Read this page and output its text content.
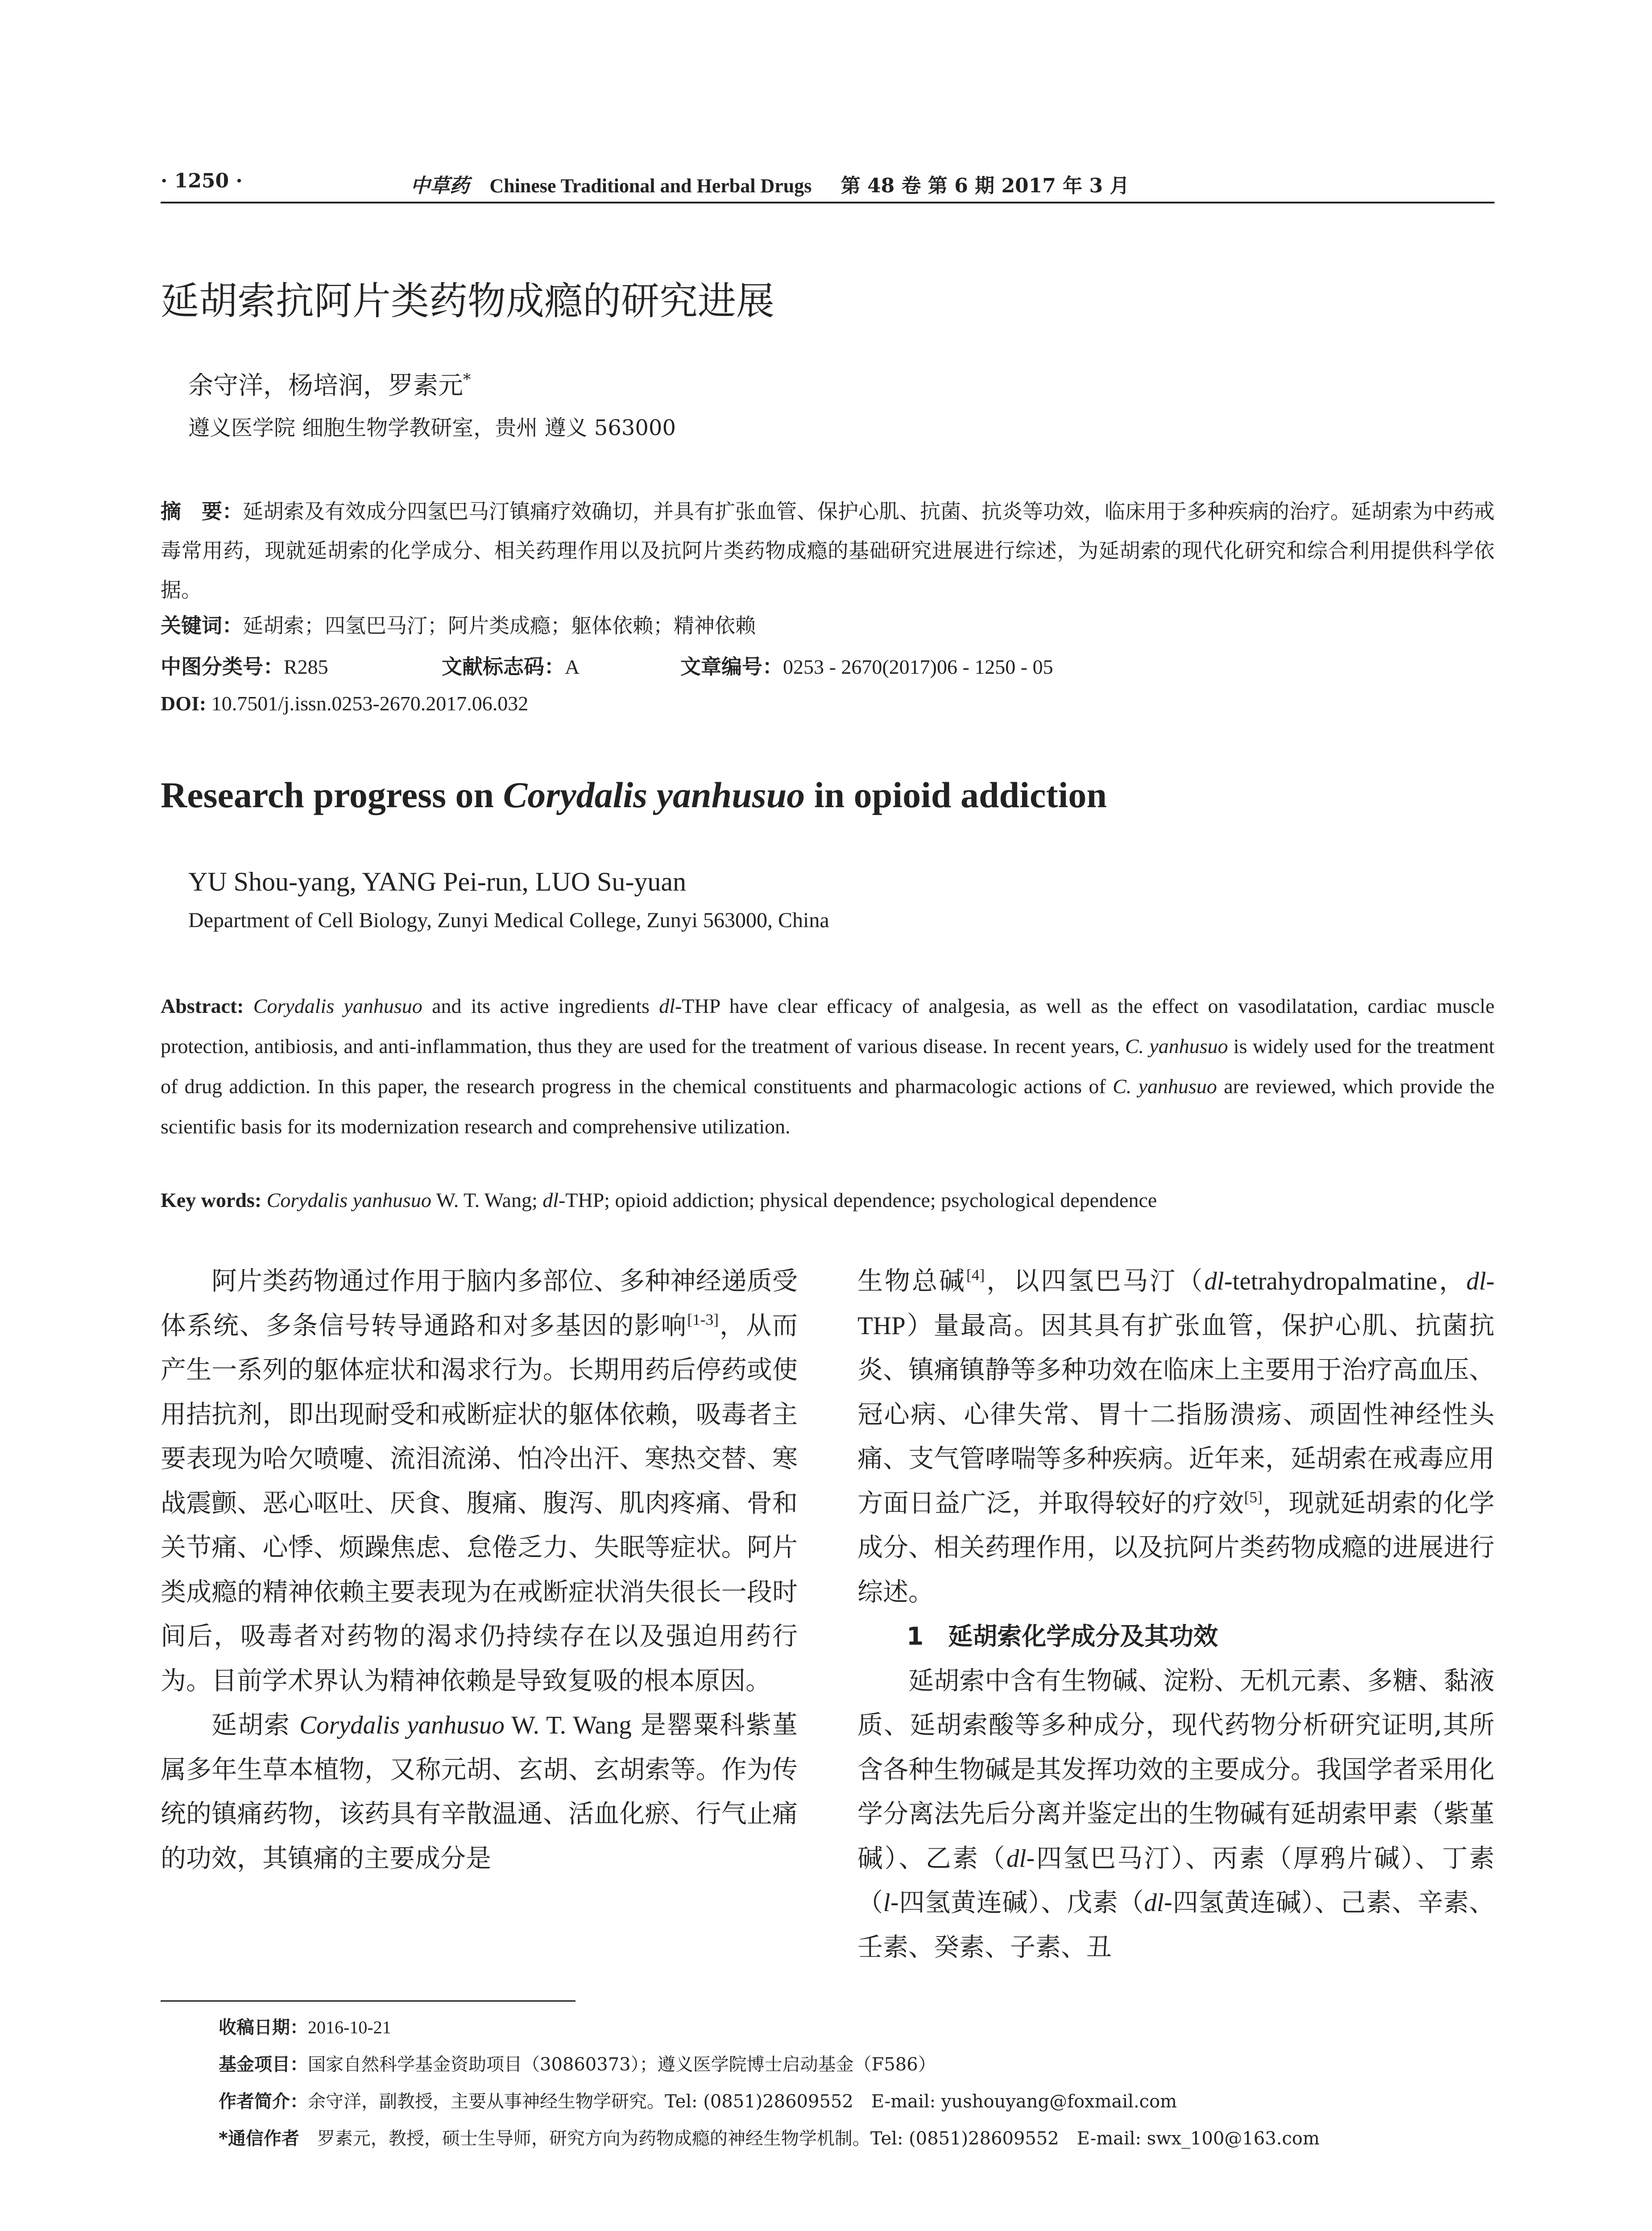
· 1250 ·	中草药 Chinese Traditional and Herbal Drugs 第 48 卷 第 6 期 2017 年 3 月
延胡索抗阿片类药物成瘾的研究进展
余守洋，杨培润，罗素元*
遵义医学院 细胞生物学教研室，贵州 遵义 563000
摘　要：延胡索及有效成分四氢巴马汀镇痛疗效确切，并具有扩张血管、保护心肌、抗菌、抗炎等功效，临床用于多种疾病的治疗。延胡索为中药戒毒常用药，现就延胡索的化学成分、相关药理作用以及抗阿片类药物成瘾的基础研究进展进行综述，为延胡索的现代化研究和综合利用提供科学依据。
关键词：延胡索；四氢巴马汀；阿片类成瘾；躯体依赖；精神依赖
中图分类号：R285	文献标志码：A	文章编号：0253 - 2670(2017)06 - 1250 - 05
DOI: 10.7501/j.issn.0253-2670.2017.06.032
Research progress on Corydalis yanhusuo in opioid addiction
YU Shou-yang, YANG Pei-run, LUO Su-yuan
Department of Cell Biology, Zunyi Medical College, Zunyi 563000, China
Abstract: Corydalis yanhusuo and its active ingredients dl-THP have clear efficacy of analgesia, as well as the effect on vasodilatation, cardiac muscle protection, antibiosis, and anti-inflammation, thus they are used for the treatment of various disease. In recent years, C. yanhusuo is widely used for the treatment of drug addiction. In this paper, the research progress in the chemical constituents and pharmacologic actions of C. yanhusuo are reviewed, which provide the scientific basis for its modernization research and comprehensive utilization.
Key words: Corydalis yanhusuo W. T. Wang; dl-THP; opioid addiction; physical dependence; psychological dependence

阿片类药物通过作用于脑内多部位、多种神经递质受体系统、多条信号转导通路和对多基因的影响[1-3]，从而产生一系列的躯体症状和渴求行为。长期用药后停药或使用拮抗剂，即出现耐受和戒断症状的躯体依赖，吸毒者主要表现为哈欠喷嚏、流泪流涕、怕冷出汗、寒热交替、寒战震颤、恶心呕吐、厌食、腹痛、腹泻、肌肉疼痛、骨和关节痛、心悸、烦躁焦虑、怠倦乏力、失眠等症状。阿片类成瘾的精神依赖主要表现为在戒断症状消失很长一段时间后，吸毒者对药物的渴求仍持续存在以及强迫用药行为。目前学术界认为精神依赖是导致复吸的根本原因。

延胡索 Corydalis yanhusuo W. T. Wang 是罂粟科紫堇属多年生草本植物，又称元胡、玄胡、玄胡索等。作为传统的镇痛药物，该药具有辛散温通、活血化瘀、行气止痛的功效，其镇痛的主要成分是

生物总碱[4]，以四氢巴马汀（dl-tetrahydropalmatine，dl-THP）量最高。因其具有扩张血管，保护心肌、抗菌抗炎、镇痛镇静等多种功效在临床上主要用于治疗高血压、冠心病、心律失常、胃十二指肠溃疡、顽固性神经性头痛、支气管哮喘等多种疾病。近年来，延胡索在戒毒应用方面日益广泛，并取得较好的疗效[5]，现就延胡索的化学成分、相关药理作用，以及抗阿片类药物成瘾的进展进行综述。

1　延胡索化学成分及其功效

延胡索中含有生物碱、淀粉、无机元素、多糖、黏液质、延胡索酸等多种成分，现代药物分析研究证明,其所含各种生物碱是其发挥功效的主要成分。我国学者采用化学分离法先后分离并鉴定出的生物碱有延胡索甲素（紫堇碱）、乙素（dl-四氢巴马汀）、丙素（厚鸦片碱）、丁素（l-四氢黄连碱）、戊素（dl-四氢黄连碱）、己素、辛素、壬素、癸素、子素、丑

收稿日期：2016-10-21
基金项目：国家自然科学基金资助项目（30860373）；遵义医学院博士启动基金（F586）
作者简介：余守洋，副教授，主要从事神经生物学研究。Tel: (0851)28609552　E-mail: yushouyang@foxmail.com
*通信作者　罗素元，教授，硕士生导师，研究方向为药物成瘾的神经生物学机制。Tel: (0851)28609552　E-mail: swx_100@163.com
